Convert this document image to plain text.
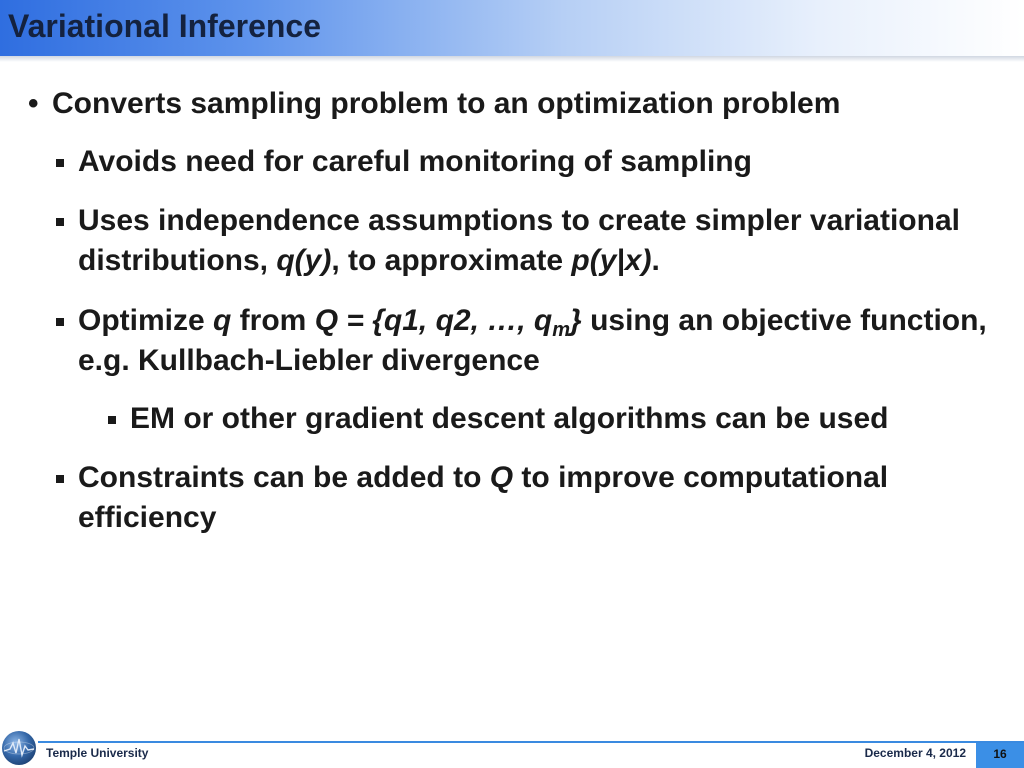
Variational Inference
• Converts sampling problem to an optimization problem
Avoids need for careful monitoring of sampling
Uses independence assumptions to create simpler variational distributions, q(y), to approximate p(y|x).
Optimize q from Q = {q1, q2, …, $q_m$} using an objective function, e.g. Kullbach-Liebler divergence
EM or other gradient descent algorithms can be used
Constraints can be added to Q to improve computational efficiency
Temple University	December 4, 2012	16
